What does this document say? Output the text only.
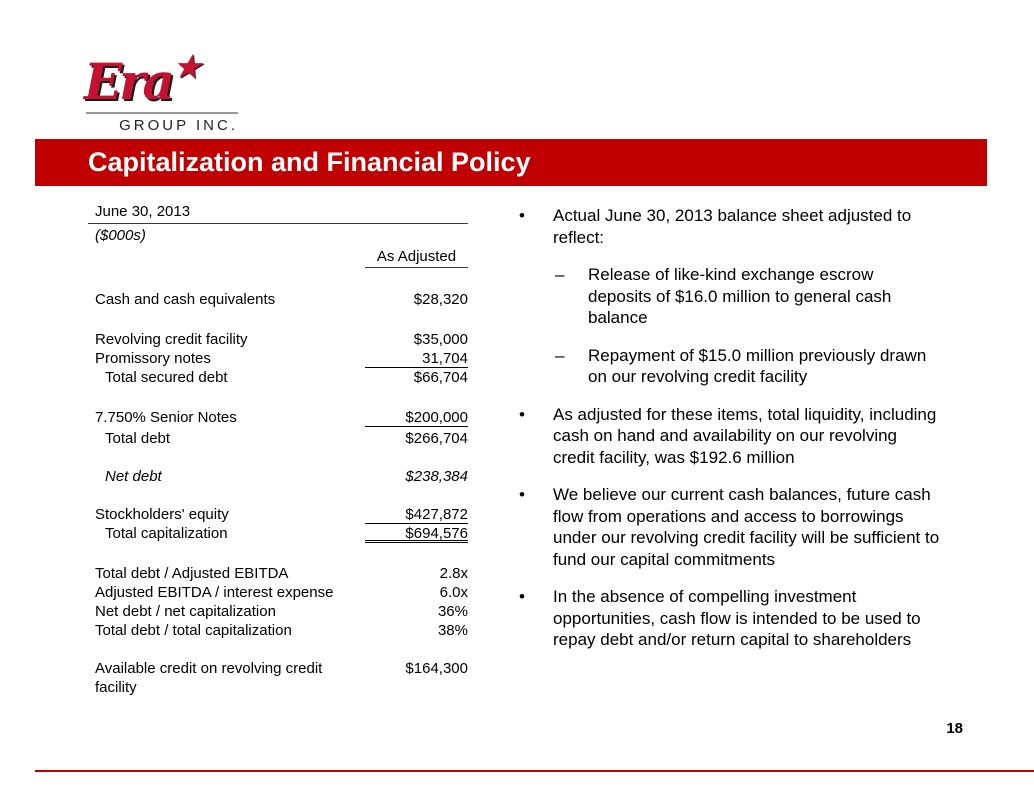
Era★
GROUP INC.
Capitalization and Financial Policy
June 30, 2013
($000s)
As Adjusted
Cash and cash equivalents	$28,320
Revolving credit facility	$35,000
Promissory notes	31,704
Total secured debt	$66,704
7.750% Senior Notes	$200,000
Total debt	$266,704
Net debt	$238,384
Stockholders' equity	$427,872
Total capitalization	$694,576
Total debt / Adjusted EBITDA	2.8x
Adjusted EBITDA / interest expense	6.0x
Net debt / net capitalization	36%
Total debt / total capitalization	38%
Available credit on revolving credit facility
$164,300
•	Actual June 30, 2013 balance sheet adjusted to reflect:
–	Release of like-kind exchange escrow deposits of $16.0 million to general cash balance
–	Repayment of $15.0 million previously drawn on our revolving credit facility
•	As adjusted for these items, total liquidity, including cash on hand and availability on our revolving credit facility, was $192.6 million
•	We believe our current cash balances, future cash flow from operations and access to borrowings under our revolving credit facility will be sufficient to fund our capital commitments
•	In the absence of compelling investment opportunities, cash flow is intended to be used to repay debt and/or return capital to shareholders
18
